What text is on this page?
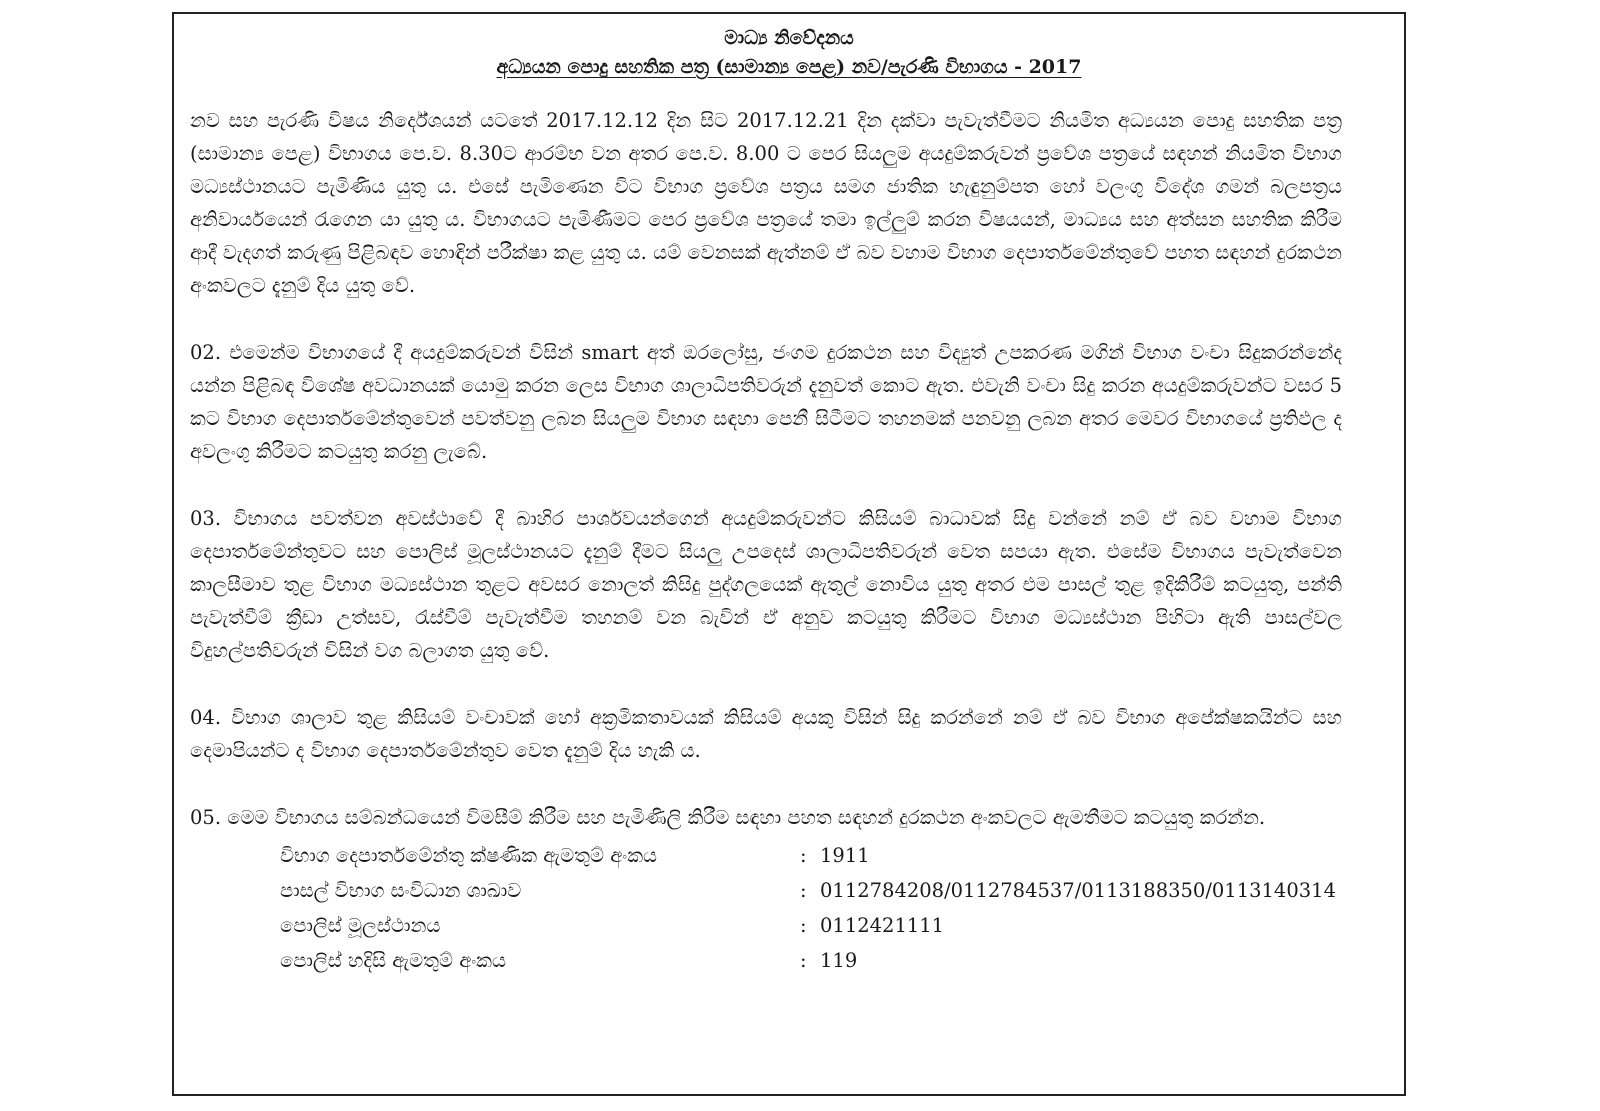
මාධ්‍ය නිවේදනය
අධ්‍යයන පොදු සහතික පත්‍ර (සාමාන්‍ය පෙළ) නව/පැරණි විභාගය - 2017

නව සහ පැරණි විෂය නිර්දේශයන් යටතේ 2017.12.12 දින සිට 2017.12.21 දින දක්වා පැවැත්වීමට නියමිත අධ්‍යයන පොදු සහතික පත්‍ර (සාමාන්‍ය පෙළ) විභාගය පෙ.ව. 8.30ට ආරම්භ වන අතර පෙ.ව. 8.00 ට පෙර සියලුම අයදුම්කරුවන් ප්‍රවේශ පත්‍රයේ සඳහන් නියමිත විභාග මධ්‍යස්ථානයට පැමිණිය යුතු ය. එසේ පැමිණෙන විට විභාග ප්‍රවේශ පත්‍රය සමග ජාතික හැඳුනුම්පත හෝ වලංගු විදේශ ගමන් බලපත්‍රය අනිවාර්යයෙන් රැගෙන යා යුතු ය. විභාගයට පැමිණීමට පෙර ප්‍රවේශ පත්‍රයේ තමා ඉල්ලුම් කරන විෂයයන්, මාධ්‍යය සහ අත්සන සහතික කිරීම ආදී වැදගත් කරුණු පිළිබඳව හොඳින් පරීක්ෂා කළ යුතු ය. යම් වෙනසක් ඇත්නම් ඒ බව වහාම විභාග දෙපාර්තමේන්තුවේ පහත සඳහන් දුරකථන අංකවලට දැනුම් දිය යුතු වේ.

02. එමෙන්ම විභාගයේ දී අයදුම්කරුවන් විසින් smart අත් ඔරලෝසු, ජංගම දුරකථන සහ විද්‍යුත් උපකරණ මගින් විභාග වංචා සිදුකරන්නේද යන්න පිළිබඳ විශේෂ අවධානයක් යොමු කරන ලෙස විභාග ශාලාධිපතිවරුන් දැනුවත් කොට ඇත. එවැනි වංචා සිදු කරන අයදුම්කරුවන්ට වසර 5 කට විභාග දෙපාර්තමේන්තුවෙන් පවත්වනු ලබන සියලුම විභාග සඳහා පෙනී සිටීමට තහනමක් පනවනු ලබන අතර මෙවර විභාගයේ ප්‍රතිඵල ද අවලංගු කිරීමට කටයුතු කරනු ලැබේ.

03. විභාගය පවත්වන අවස්ථාවේ දී බාහිර පාර්ශවයන්ගෙන් අයදුම්කරුවන්ට කිසියම් බාධාවක් සිදු වන්නේ නම් ඒ බව වහාම විභාග දෙපාර්තමේන්තුවට සහ පොලිස් මූලස්ථානයට දැනුම් දීමට සියලු උපදෙස් ශාලාධිපතිවරුන් වෙත සපයා ඇත. එසේම විභාගය පැවැත්වෙන කාලසීමාව තුළ විභාග මධ්‍යස්ථාන තුළට අවසර නොලත් කිසිදු පුද්ගලයෙක් ඇතුල් නොවිය යුතු අතර එම පාසල් තුළ ඉදිකිරීම් කටයුතු, පන්ති පැවැත්වීම් ක්‍රීඩා උත්සව, රැස්වීම් පැවැත්වීම තහනම් වන බැවින් ඒ අනුව කටයුතු කිරීමට විභාග මධ්‍යස්ථාන පිහිටා ඇති පාසල්වල විදුහල්පතිවරුන් විසින් වග බලාගත යුතු වේ.

04. විභාග ශාලාව තුළ කිසියම් වංචාවක් හෝ අක්‍රමිකතාවයක් කිසියම් අයකු විසින් සිදු කරන්නේ නම් ඒ බව විභාග අපේක්ෂකයින්ට සහ දෙමාපියන්ට ද විභාග දෙපාර්තමේන්තුව වෙත දැනුම් දිය හැකි ය.

05. මෙම විභාගය සම්බන්ධයෙන් විමසීම් කිරීම සහ පැමිණිලි කිරීම සඳහා පහත සඳහන් දුරකථන අංකවලට ඇමතීමට කටයුතු කරන්න.

විභාග දෙපාර්තමේන්තු ක්ෂණික ඇමතුම් අංකය	: 1911
පාසල් විභාග සංවිධාන ශාඛාව	: 0112784208/0112784537/0113188350/0113140314
පොලිස් මූලස්ථානය	: 0112421111
පොලිස් හදිසි ඇමතුම් අංකය	: 119
